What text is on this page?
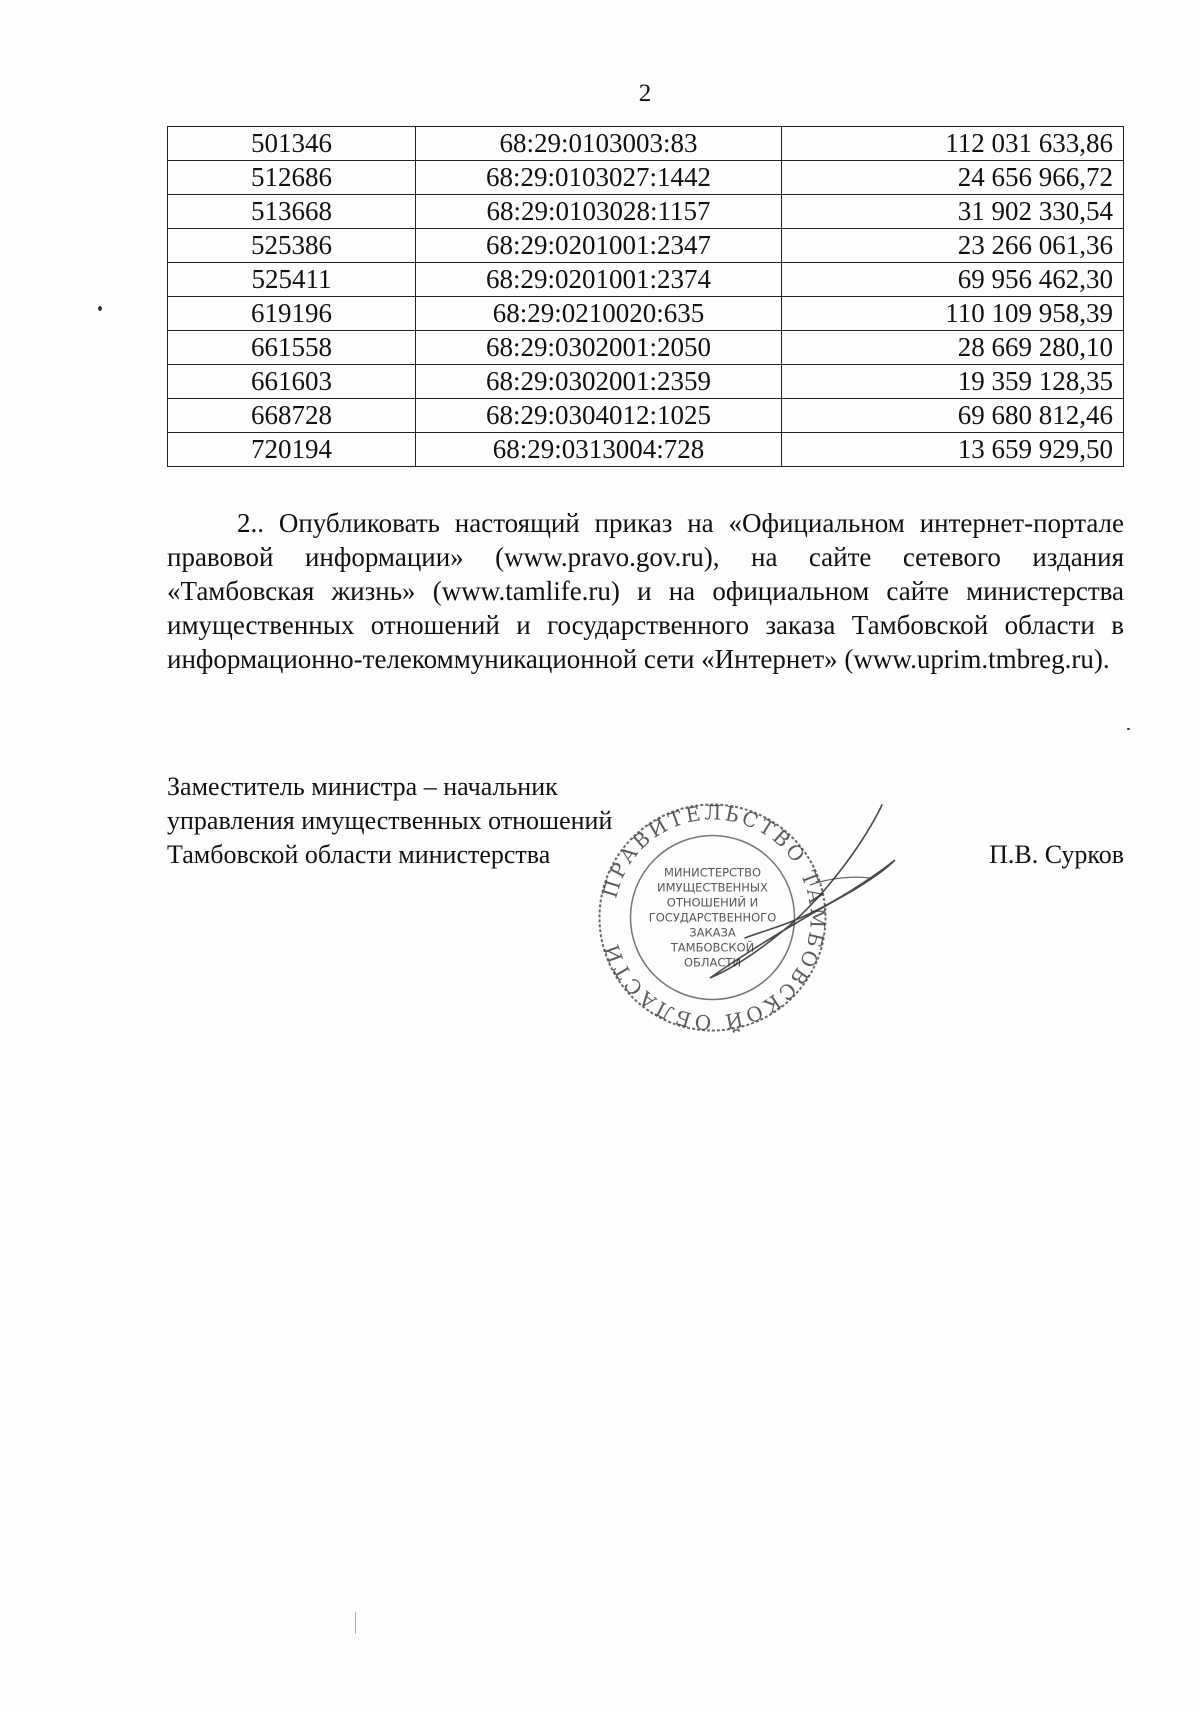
2
501346	68:29:0103003:83	112 031 633,86
512686	68:29:0103027:1442	24 656 966,72
513668	68:29:0103028:1157	31 902 330,54
525386	68:29:0201001:2347	23 266 061,36
525411	68:29:0201001:2374	69 956 462,30
619196	68:29:0210020:635	110 109 958,39
661558	68:29:0302001:2050	28 669 280,10
661603	68:29:0302001:2359	19 359 128,35
668728	68:29:0304012:1025	69 680 812,46
720194	68:29:0313004:728	13 659 929,50
2.. Опубликовать настоящий приказ на «Официальном интернет-портале правовой информации» (www.pravo.gov.ru), на сайте сетевого издания «Тамбовская жизнь» (www.tamlife.ru) и на официальном сайте министерства имущественных отношений и государственного заказа Тамбовской области в информационно-телекоммуникационной сети «Интернет» (www.uprim.tmbreg.ru).
Заместитель министра – начальник
управления имущественных отношений
Тамбовской области министерства	П.В. Сурков
ПРАВИТЕЛЬСТВО ТАМБОВСКОЙ ОБЛАСТИ
МИНИСТЕРСТВО
ИМУЩЕСТВЕННЫХ
ОТНОШЕНИЙ И
ГОСУДАРСТВЕННОГО
ЗАКАЗА
ТАМБОВСКОЙ
ОБЛАСТИ
